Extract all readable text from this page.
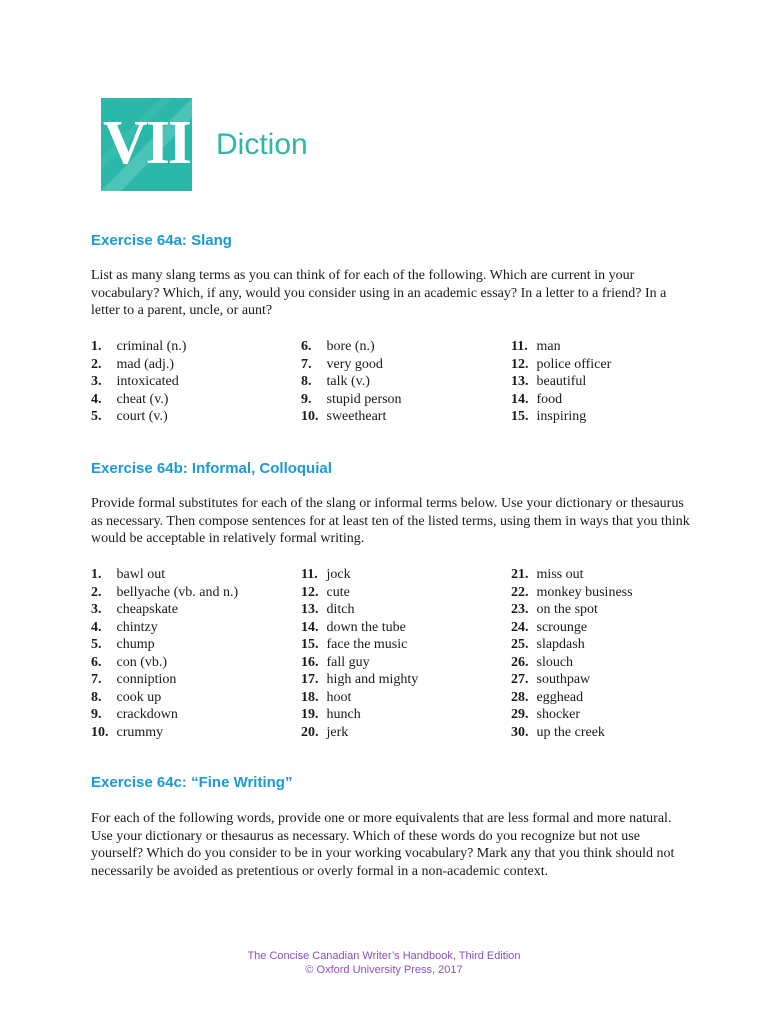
VII Diction
Exercise 64a: Slang

List as many slang terms as you can think of for each of the following. Which are current in your vocabulary? Which, if any, would you consider using in an academic essay? In a letter to a friend? In a letter to a parent, uncle, or aunt?

1. criminal (n.)
2. mad (adj.)
3. intoxicated
4. cheat (v.)
5. court (v.)
6. bore (n.)
7. very good
8. talk (v.)
9. stupid person
10. sweetheart
11. man
12. police officer
13. beautiful
14. food
15. inspiring
Exercise 64b: Informal, Colloquial

Provide formal substitutes for each of the slang or informal terms below. Use your dictionary or thesaurus as necessary. Then compose sentences for at least ten of the listed terms, using them in ways that you think would be acceptable in relatively formal writing.

1. bawl out
2. bellyache (vb. and n.)
3. cheapskate
4. chintzy
5. chump
6. con (vb.)
7. conniption
8. cook up
9. crackdown
10. crummy
11. jock
12. cute
13. ditch
14. down the tube
15. face the music
16. fall guy
17. high and mighty
18. hoot
19. hunch
20. jerk
21. miss out
22. monkey business
23. on the spot
24. scrounge
25. slapdash
26. slouch
27. southpaw
28. egghead
29. shocker
30. up the creek
Exercise 64c: “Fine Writing”

For each of the following words, provide one or more equivalents that are less formal and more natural. Use your dictionary or thesaurus as necessary. Which of these words do you recognize but not use yourself? Which do you consider to be in your working vocabulary? Mark any that you think should not necessarily be avoided as pretentious or overly formal in a non-academic context.

The Concise Canadian Writer’s Handbook, Third Edition
© Oxford University Press, 2017
